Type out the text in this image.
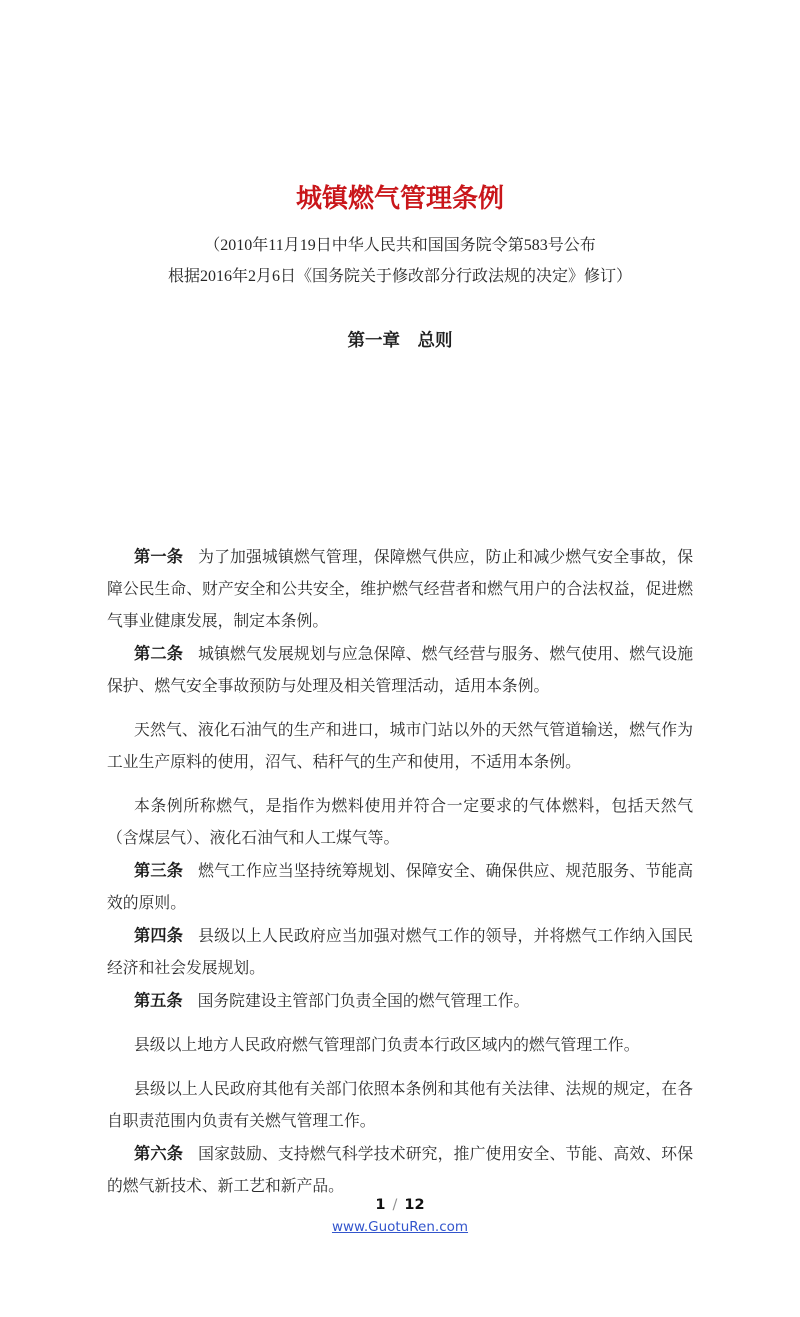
城镇燃气管理条例

（2010年11月19日中华人民共和国国务院令第583号公布

根据2016年2月6日《国务院关于修改部分行政法规的决定》修订）

第一章　总则

第一条 为了加强城镇燃气管理，保障燃气供应，防止和减少燃气安全事故，保障公民生命、财产安全和公共安全，维护燃气经营者和燃气用户的合法权益，促进燃气事业健康发展，制定本条例。

第二条 城镇燃气发展规划与应急保障、燃气经营与服务、燃气使用、燃气设施保护、燃气安全事故预防与处理及相关管理活动，适用本条例。

天然气、液化石油气的生产和进口，城市门站以外的天然气管道输送，燃气作为工业生产原料的使用，沼气、秸秆气的生产和使用，不适用本条例。

本条例所称燃气，是指作为燃料使用并符合一定要求的气体燃料，包括天然气（含煤层气）、液化石油气和人工煤气等。

第三条 燃气工作应当坚持统筹规划、保障安全、确保供应、规范服务、节能高效的原则。

第四条 县级以上人民政府应当加强对燃气工作的领导，并将燃气工作纳入国民经济和社会发展规划。

第五条 国务院建设主管部门负责全国的燃气管理工作。

县级以上地方人民政府燃气管理部门负责本行政区域内的燃气管理工作。

县级以上人民政府其他有关部门依照本条例和其他有关法律、法规的规定，在各自职责范围内负责有关燃气管理工作。

第六条 国家鼓励、支持燃气科学技术研究，推广使用安全、节能、高效、环保的燃气新技术、新工艺和新产品。

1 / 12
www.GuotuRen.com
